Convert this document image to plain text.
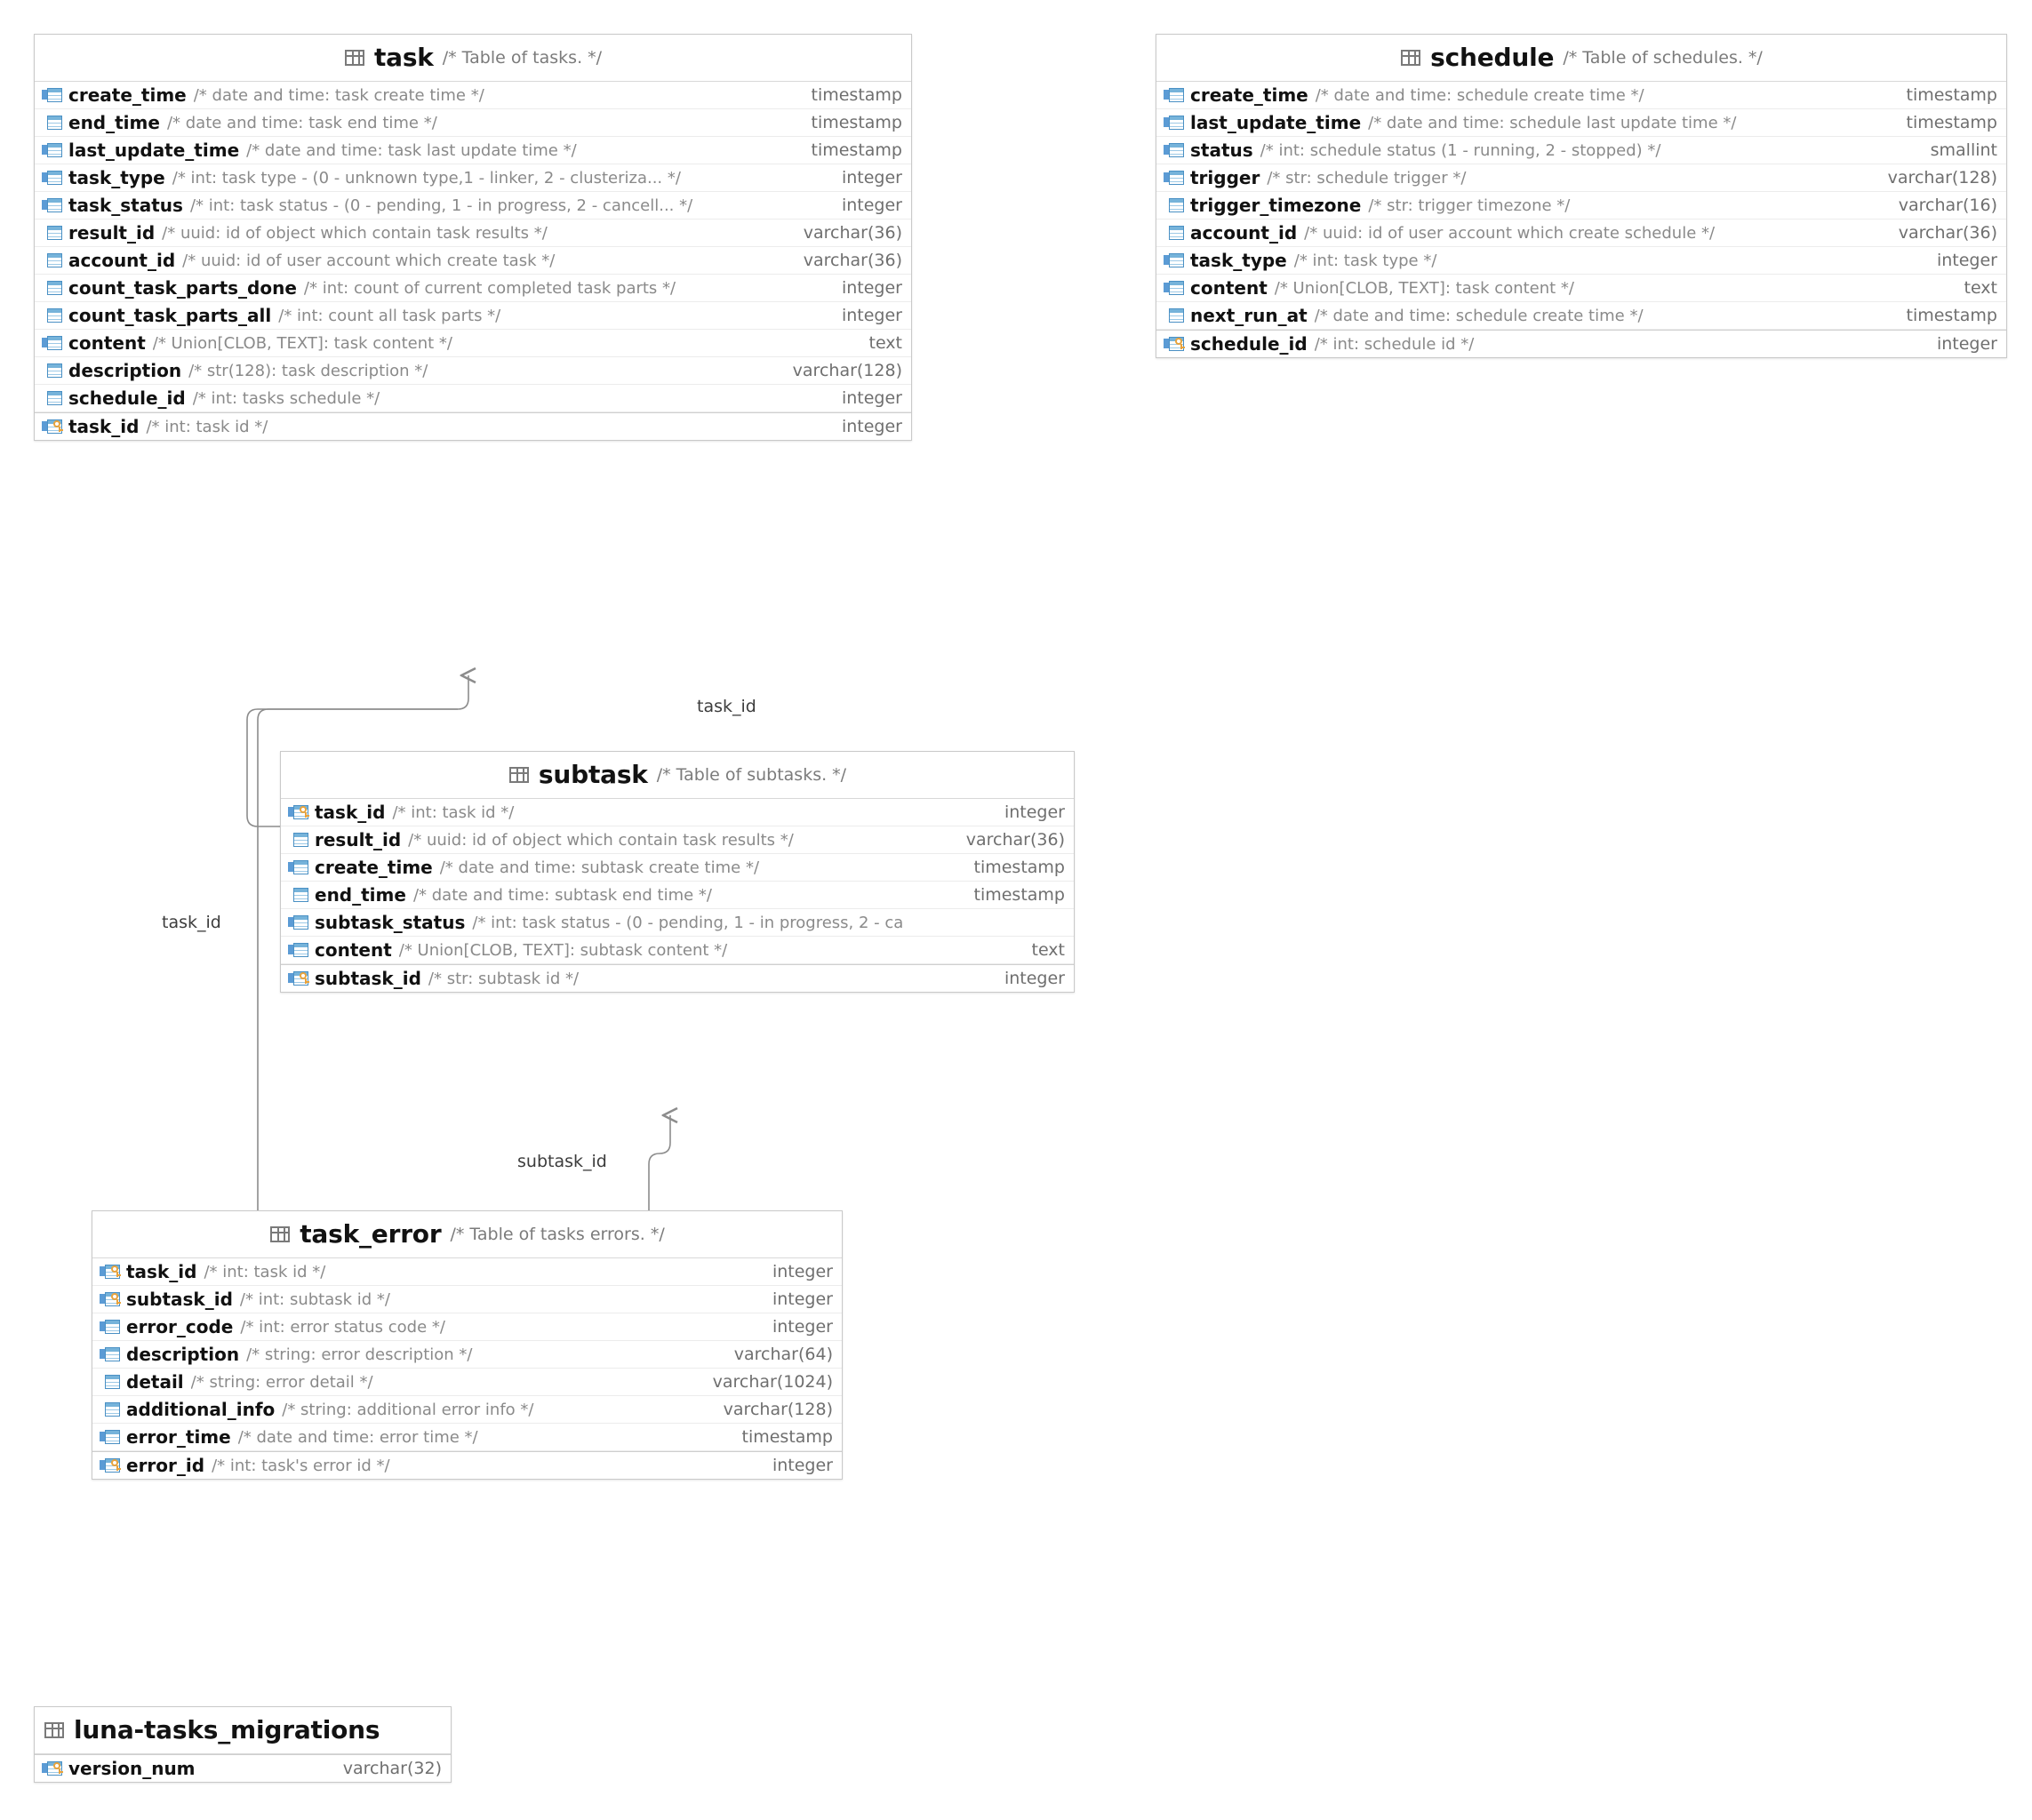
task /* Table of tasks. */
create_time /* date and time: task create time */	timestamp
end_time /* date and time: task end time */	timestamp
last_update_time /* date and time: task last update time */	timestamp
task_type /* int: task type - (0 - unknown type,1 - linker, 2 - clusteriza... */	integer
task_status /* int: task status - (0 - pending, 1 - in progress, 2 - cancell... */	integer
result_id /* uuid: id of object which contain task results */	varchar(36)
account_id /* uuid: id of user account which create task */	varchar(36)
count_task_parts_done /* int: count of current completed task parts */	integer
count_task_parts_all /* int: count all task parts */	integer
content /* Union[CLOB, TEXT]: task content */	text
description /* str(128): task description */	varchar(128)
schedule_id /* int: tasks schedule */	integer
task_id /* int: task id */	integer
schedule /* Table of schedules. */
create_time /* date and time: schedule create time */	timestamp
last_update_time /* date and time: schedule last update time */	timestamp
status /* int: schedule status (1 - running, 2 - stopped) */	smallint
trigger /* str: schedule trigger */	varchar(128)
trigger_timezone /* str: trigger timezone */	varchar(16)
account_id /* uuid: id of user account which create schedule */	varchar(36)
task_type /* int: task type */	integer
content /* Union[CLOB, TEXT]: task content */	text
next_run_at /* date and time: schedule create time */	timestamp
schedule_id /* int: schedule id */	integer
subtask /* Table of subtasks. */
task_id /* int: task id */	integer
result_id /* uuid: id of object which contain task results */	varchar(36)
create_time /* date and time: subtask create time */	timestamp
end_time /* date and time: subtask end time */	timestamp
subtask_status /* int: task status - (0 - pending, 1 - in progress, 2 - ca
content /* Union[CLOB, TEXT]: subtask content */	text
subtask_id /* str: subtask id */	integer
task_error /* Table of tasks errors. */
task_id /* int: task id */	integer
subtask_id /* int: subtask id */	integer
error_code /* int: error status code */	integer
description /* string: error description */	varchar(64)
detail /* string: error detail */	varchar(1024)
additional_info /* string: additional error info */	varchar(128)
error_time /* date and time: error time */	timestamp
error_id /* int: task's error id */	integer
luna-tasks_migrations
version_num	varchar(32)
task_id
task_id
subtask_id
